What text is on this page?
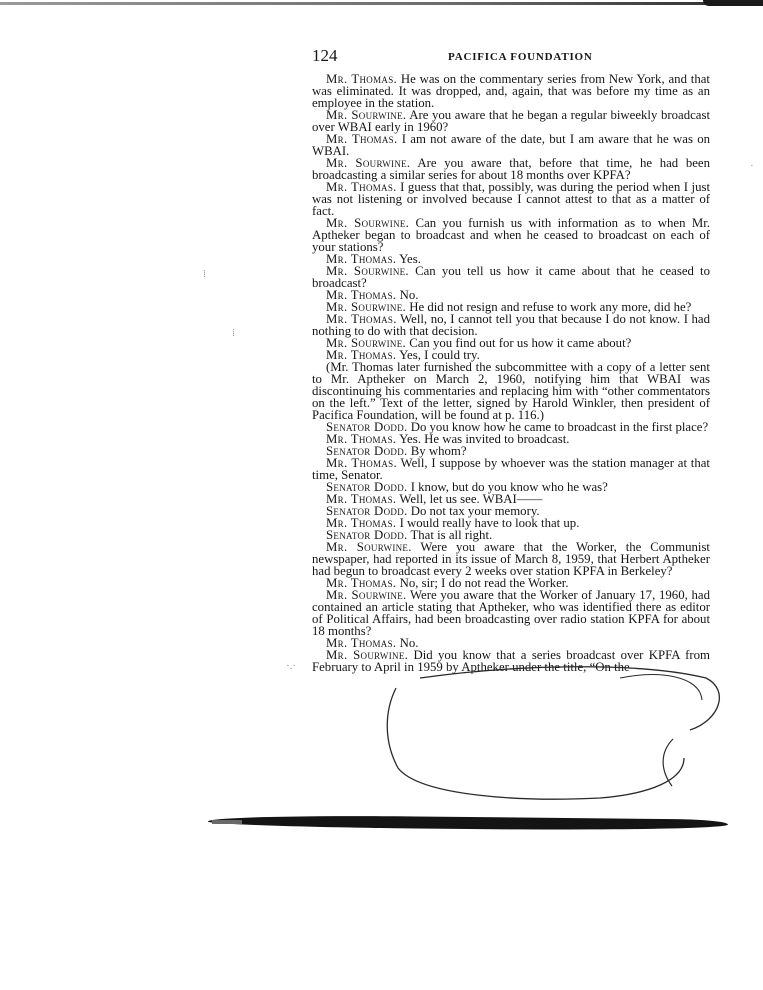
124	PACIFICA FOUNDATION

Mr. Thomas. He was on the commentary series from New York, and that was eliminated. It was dropped, and, again, that was before my time as an employee in the station.

Mr. Sourwine. Are you aware that he began a regular biweekly broadcast over WBAI early in 1960?

Mr. Thomas. I am not aware of the date, but I am aware that he was on WBAI.

Mr. Sourwine. Are you aware that, before that time, he had been broadcasting a similar series for about 18 months over KPFA?

Mr. Thomas. I guess that that, possibly, was during the period when I just was not listening or involved because I cannot attest to that as a matter of fact.

Mr. Sourwine. Can you furnish us with information as to when Mr. Aptheker began to broadcast and when he ceased to broadcast on each of your stations?

Mr. Thomas. Yes.

Mr. Sourwine. Can you tell us how it came about that he ceased to broadcast?

Mr. Thomas. No.

Mr. Sourwine. He did not resign and refuse to work any more, did he?

Mr. Thomas. Well, no, I cannot tell you that because I do not know. I had nothing to do with that decision.

Mr. Sourwine. Can you find out for us how it came about?

Mr. Thomas. Yes, I could try.

(Mr. Thomas later furnished the subcommittee with a copy of a letter sent to Mr. Aptheker on March 2, 1960, notifying him that WBAI was discontinuing his commentaries and replacing him with “other commentators on the left.” Text of the letter, signed by Harold Winkler, then president of Pacifica Foundation, will be found at p. 116.)

Senator Dodd. Do you know how he came to broadcast in the first place?

Mr. Thomas. Yes. He was invited to broadcast.

Senator Dodd. By whom?

Mr. Thomas. Well, I suppose by whoever was the station manager at that time, Senator.

Senator Dodd. I know, but do you know who he was?

Mr. Thomas. Well, let us see. WBAI——

Senator Dodd. Do not tax your memory.

Mr. Thomas. I would really have to look that up.

Senator Dodd. That is all right.

Mr. Sourwine. Were you aware that the Worker, the Communist newspaper, had reported in its issue of March 8, 1959, that Herbert Aptheker had begun to broadcast every 2 weeks over station KPFA in Berkeley?

Mr. Thomas. No, sir; I do not read the Worker.

Mr. Sourwine. Were you aware that the Worker of January 17, 1960, had contained an article stating that Aptheker, who was identified there as editor of Political Affairs, had been broadcasting over radio station KPFA for about 18 months?

Mr. Thomas. No.

Mr. Sourwine. Did you know that a series broadcast over KPFA from February to April in 1959 by Aptheker under the title, “On the

⁞
⁞
·
·.·
